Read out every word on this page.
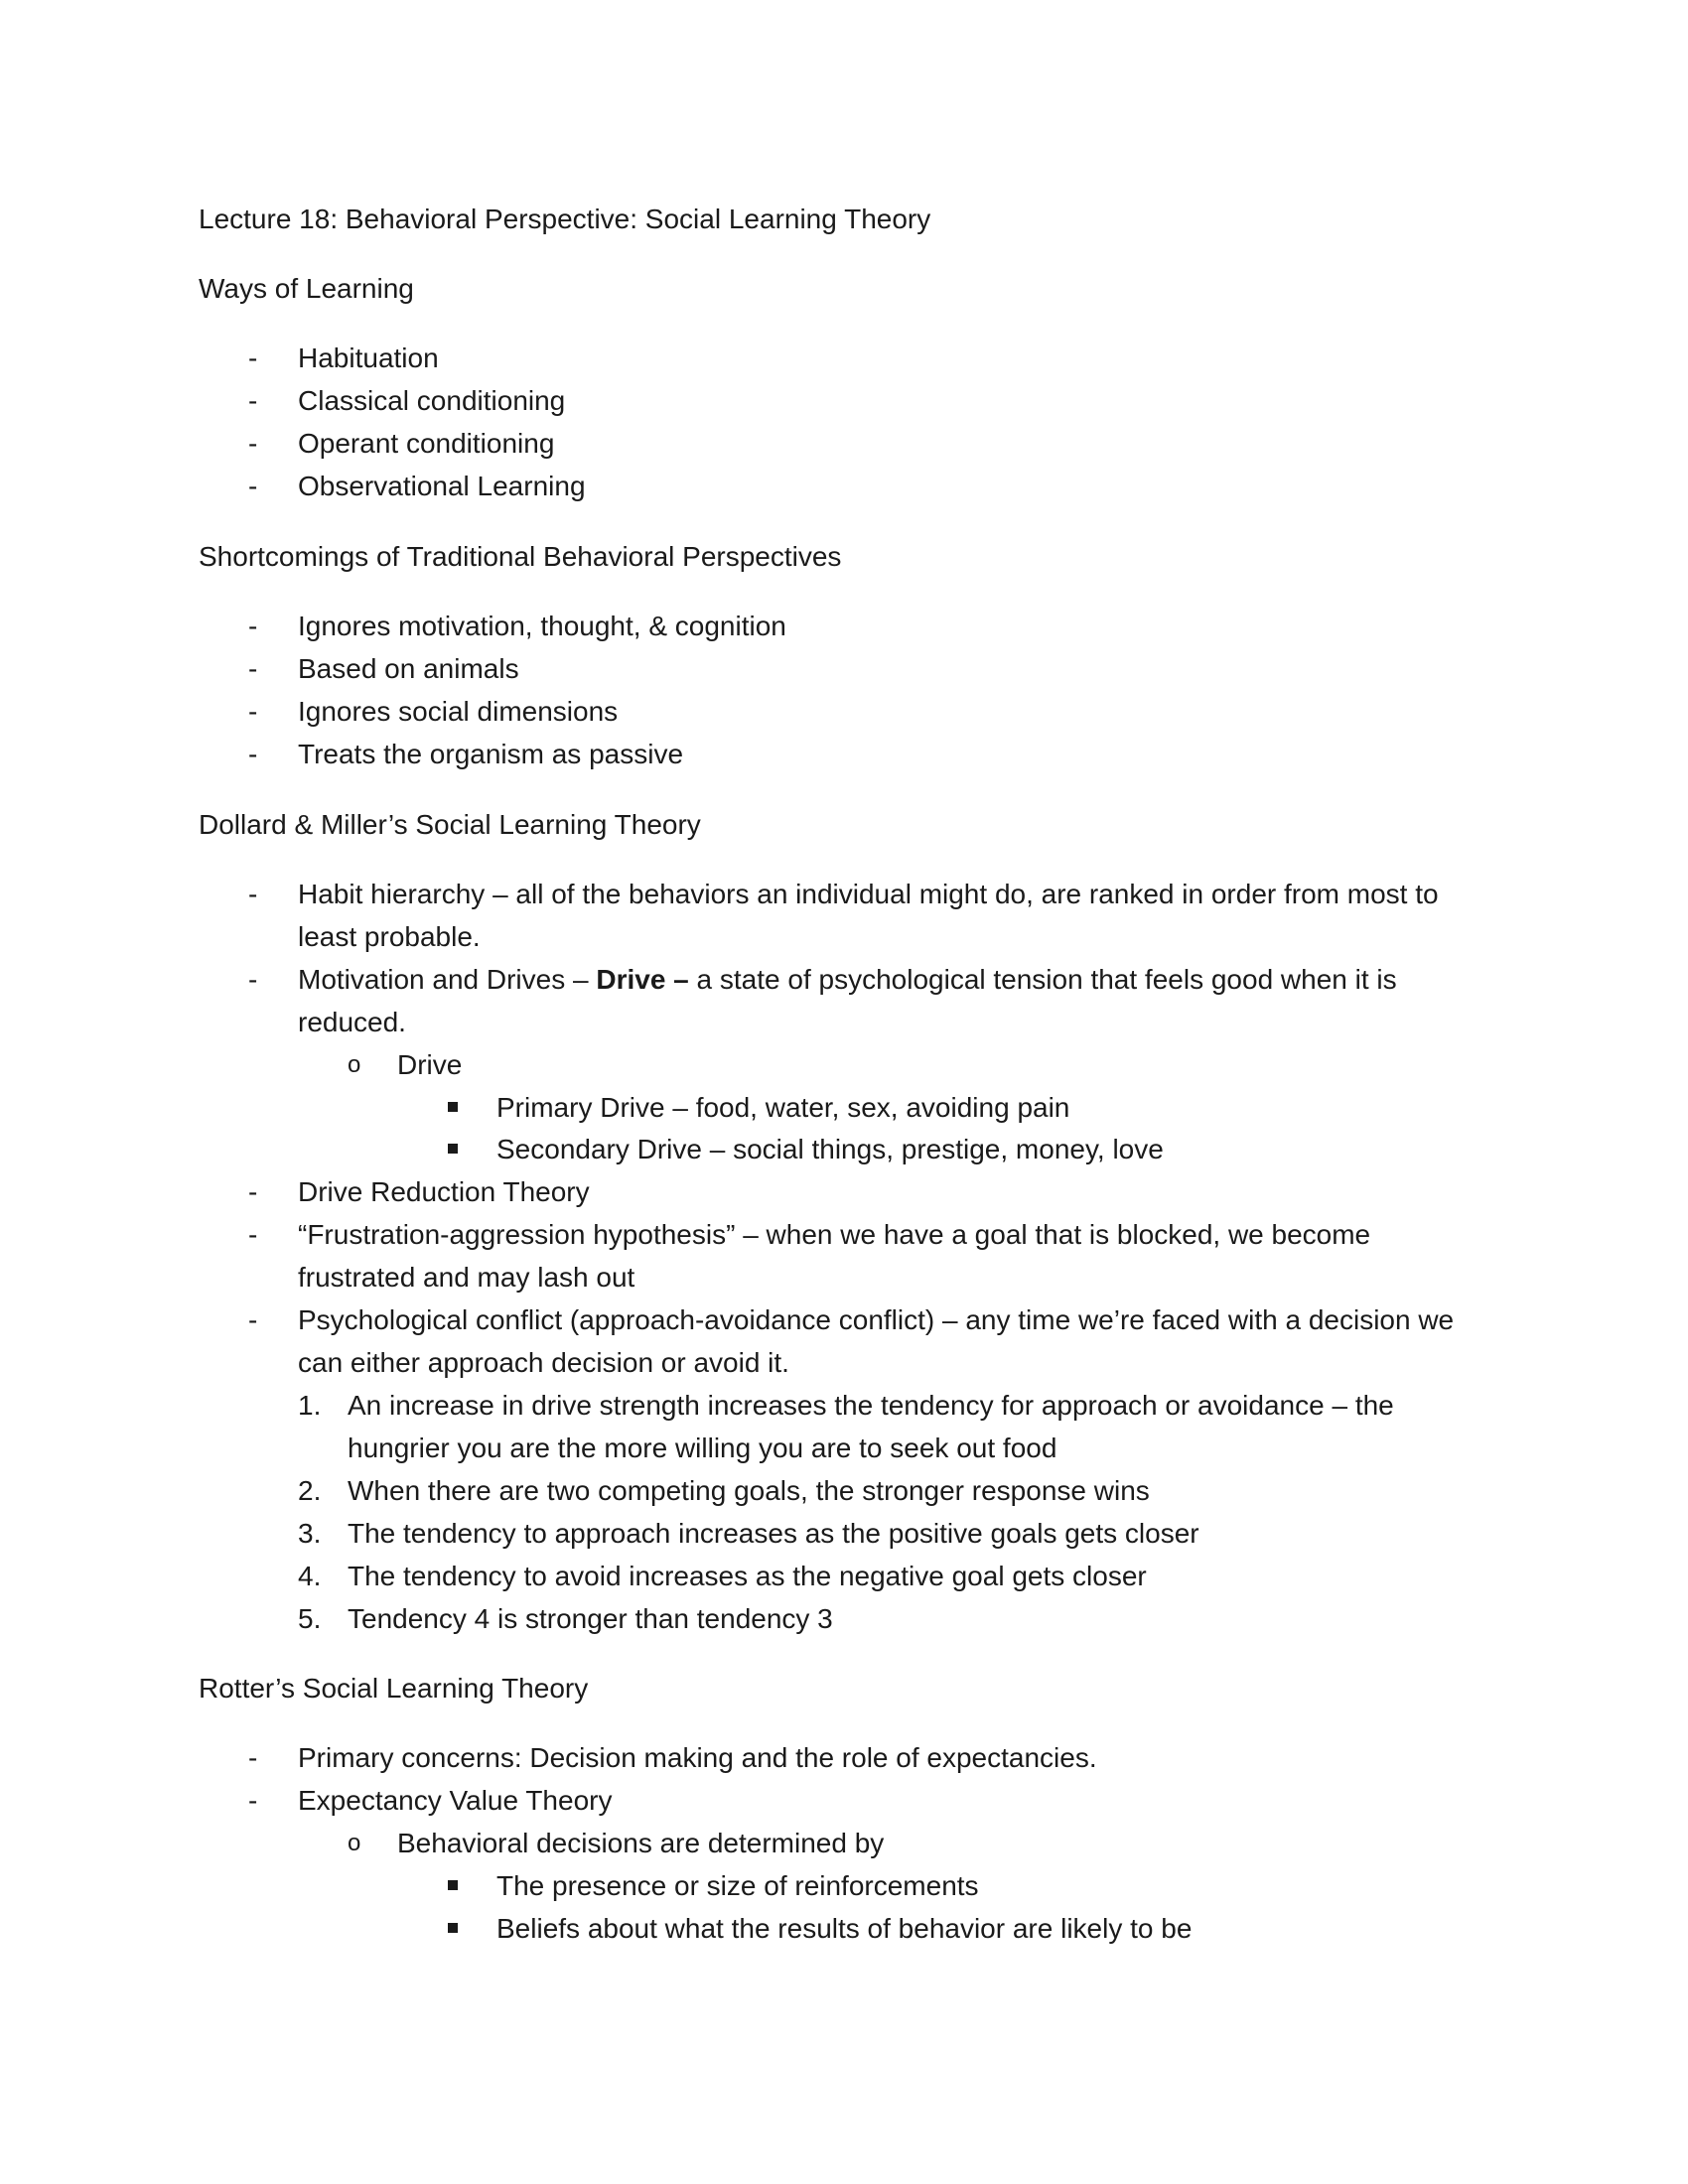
Lecture 18: Behavioral Perspective: Social Learning Theory
Ways of Learning
- Habituation
- Classical conditioning
- Operant conditioning
- Observational Learning
Shortcomings of Traditional Behavioral Perspectives
- Ignores motivation, thought, & cognition
- Based on animals
- Ignores social dimensions
- Treats the organism as passive
Dollard & Miller’s Social Learning Theory
- Habit hierarchy – all of the behaviors an individual might do, are ranked in order from most to
least probable.
- Motivation and Drives – Drive – a state of psychological tension that feels good when it is
reduced.
o Drive
Primary Drive – food, water, sex, avoiding pain
Secondary Drive – social things, prestige, money, love
- Drive Reduction Theory
- “Frustration-aggression hypothesis” – when we have a goal that is blocked, we become
frustrated and may lash out
- Psychological conflict (approach-avoidance conflict) – any time we’re faced with a decision we
can either approach decision or avoid it.
1. An increase in drive strength increases the tendency for approach or avoidance – the
hungrier you are the more willing you are to seek out food
2. When there are two competing goals, the stronger response wins
3. The tendency to approach increases as the positive goals gets closer
4. The tendency to avoid increases as the negative goal gets closer
5. Tendency 4 is stronger than tendency 3
Rotter’s Social Learning Theory
- Primary concerns: Decision making and the role of expectancies.
- Expectancy Value Theory
o Behavioral decisions are determined by
The presence or size of reinforcements
Beliefs about what the results of behavior are likely to be
